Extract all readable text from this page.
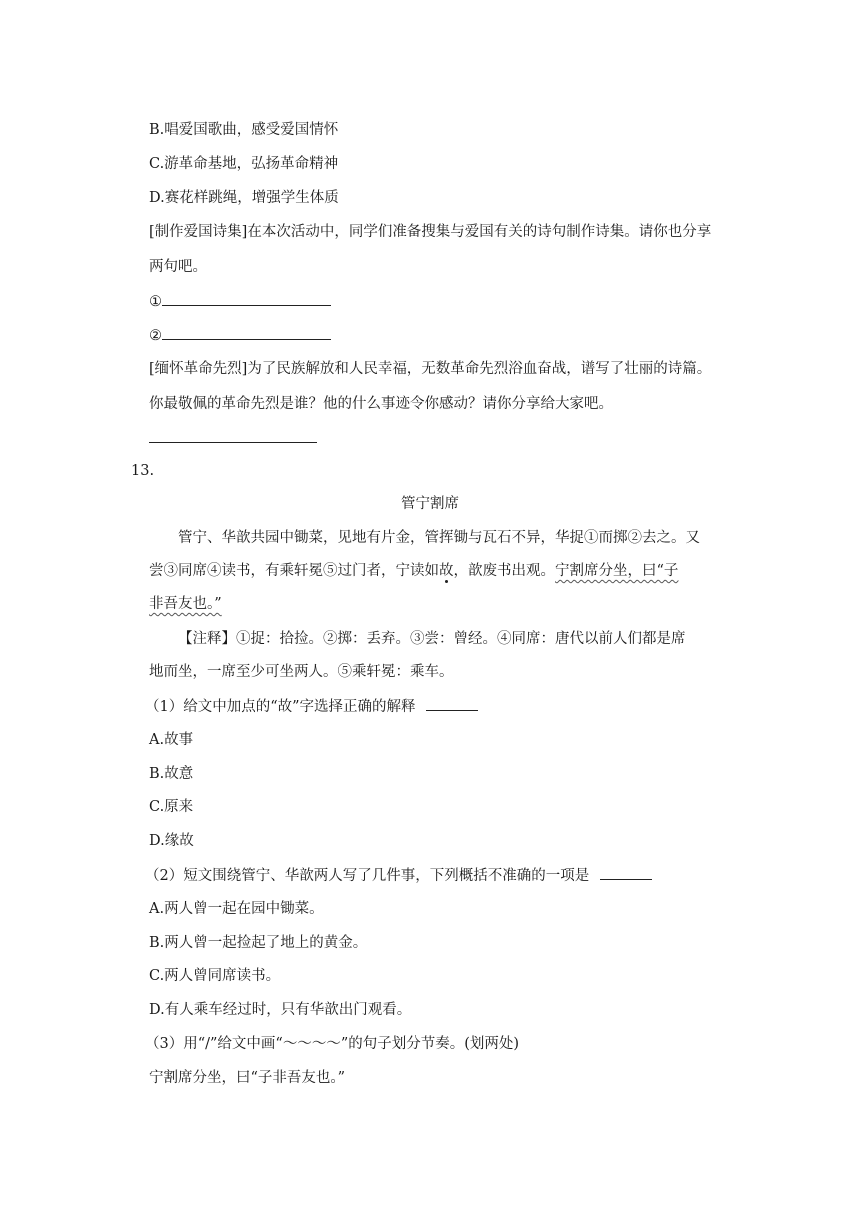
B.唱爱国歌曲，感受爱国情怀
C.游革命基地，弘扬革命精神
D.赛花样跳绳，增强学生体质
[制作爱国诗集]在本次活动中，同学们准备搜集与爱国有关的诗句制作诗集。请你也分享
两句吧。
①
②
[缅怀革命先烈]为了民族解放和人民幸福，无数革命先烈浴血奋战，谱写了壮丽的诗篇。
你最敬佩的革命先烈是谁？他的什么事迹令你感动？请你分享给大家吧。
13.
管宁割席
管宁、华歆共园中锄菜，见地有片金，管挥锄与瓦石不异，华捉①而掷②去之。又
尝③同席④读书，有乘轩冕⑤过门者，宁读如故，歆废书出观。宁割席分坐，曰“子
非吾友也。”
【注释】①捉：拾捡。②掷：丢弃。③尝：曾经。④同席：唐代以前人们都是席
地而坐，一席至少可坐两人。⑤乘轩冕：乘车。
（1）给文中加点的“故”字选择正确的解释
A.故事
B.故意
C.原来
D.缘故
（2）短文围绕管宁、华歆两人写了几件事，下列概括不准确的一项是
A.两人曾一起在园中锄菜。
B.两人曾一起捡起了地上的黄金。
C.两人曾同席读书。
D.有人乘车经过时，只有华歆出门观看。
（3）用“/”给文中画“～～～～”的句子划分节奏。(划两处)
宁割席分坐，曰“子非吾友也。”
